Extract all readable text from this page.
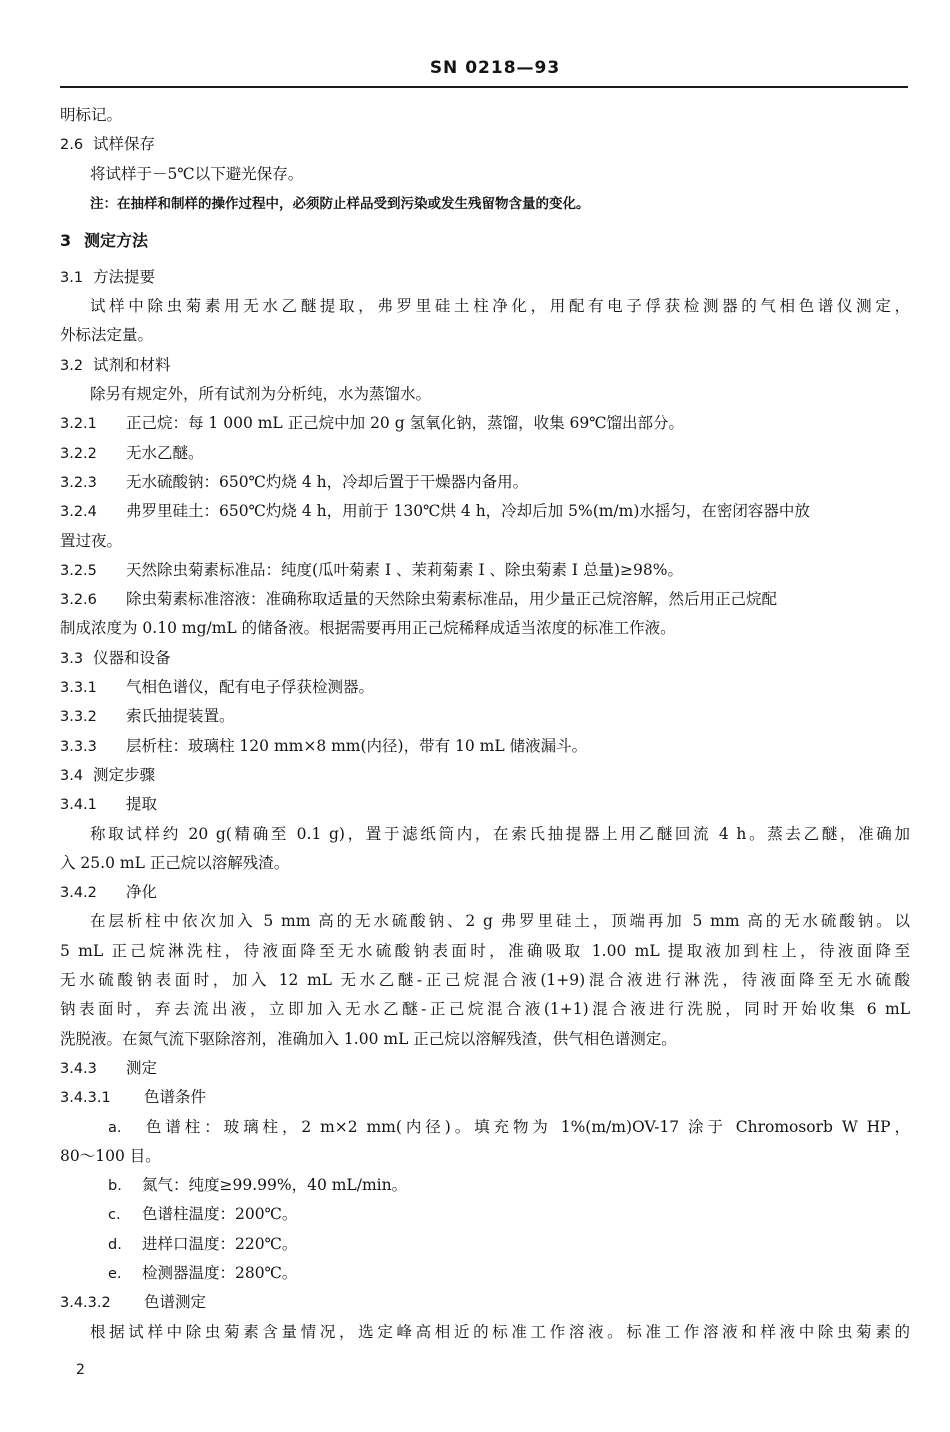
SN 0218—93
明标记。
2.6 试样保存
将试样于－5℃以下避光保存。
注：在抽样和制样的操作过程中，必须防止样品受到污染或发生残留物含量的变化。
3 测定方法
3.1 方法提要
试样中除虫菊素用无水乙醚提取，弗罗里硅土柱净化，用配有电子俘获检测器的气相色谱仪测定，
外标法定量。
3.2 试剂和材料
除另有规定外，所有试剂为分析纯，水为蒸馏水。
3.2.1 正己烷：每 1 000 mL 正己烷中加 20 g 氢氧化钠，蒸馏，收集 69℃馏出部分。
3.2.2 无水乙醚。
3.2.3 无水硫酸钠：650℃灼烧 4 h，冷却后置于干燥器内备用。
3.2.4 弗罗里硅土：650℃灼烧 4 h，用前于 130℃烘 4 h，冷却后加 5%(m/m)水摇匀，在密闭容器中放
置过夜。
3.2.5 天然除虫菊素标准品：纯度(瓜叶菊素 I 、茉莉菊素 I 、除虫菊素 I 总量)≥98%。
3.2.6 除虫菊素标准溶液：准确称取适量的天然除虫菊素标准品，用少量正己烷溶解，然后用正己烷配
制成浓度为 0.10 mg/mL 的储备液。根据需要再用正己烷稀释成适当浓度的标准工作液。
3.3 仪器和设备
3.3.1 气相色谱仪，配有电子俘获检测器。
3.3.2 索氏抽提装置。
3.3.3 层析柱：玻璃柱 120 mm×8 mm(内径)，带有 10 mL 储液漏斗。
3.4 测定步骤
3.4.1 提取
称取试样约 20 g(精确至 0.1 g)，置于滤纸筒内，在索氏抽提器上用乙醚回流 4 h。蒸去乙醚，准确加
入 25.0 mL 正己烷以溶解残渣。
3.4.2 净化
在层析柱中依次加入 5 mm 高的无水硫酸钠、2 g 弗罗里硅土，顶端再加 5 mm 高的无水硫酸钠。以
5 mL 正己烷淋洗柱，待液面降至无水硫酸钠表面时，准确吸取 1.00 mL 提取液加到柱上，待液面降至
无水硫酸钠表面时，加入 12 mL 无水乙醚-正己烷混合液(1+9)混合液进行淋洗，待液面降至无水硫酸
钠表面时，弃去流出液，立即加入无水乙醚-正己烷混合液(1+1)混合液进行洗脱，同时开始收集 6 mL
洗脱液。在氮气流下驱除溶剂，准确加入 1.00 mL 正己烷以溶解残渣，供气相色谱测定。
3.4.3 测定
3.4.3.1 色谱条件
a. 色谱柱：玻璃柱，2 m×2 mm(内径)。填充物为 1%(m/m)OV-17 涂于 Chromosorb W HP，
80～100 目。
b. 氮气：纯度≥99.99%，40 mL/min。
c. 色谱柱温度：200℃。
d. 进样口温度：220℃。
e. 检测器温度：280℃。
3.4.3.2 色谱测定
根据试样中除虫菊素含量情况，选定峰高相近的标准工作溶液。标准工作溶液和样液中除虫菊素的
2
